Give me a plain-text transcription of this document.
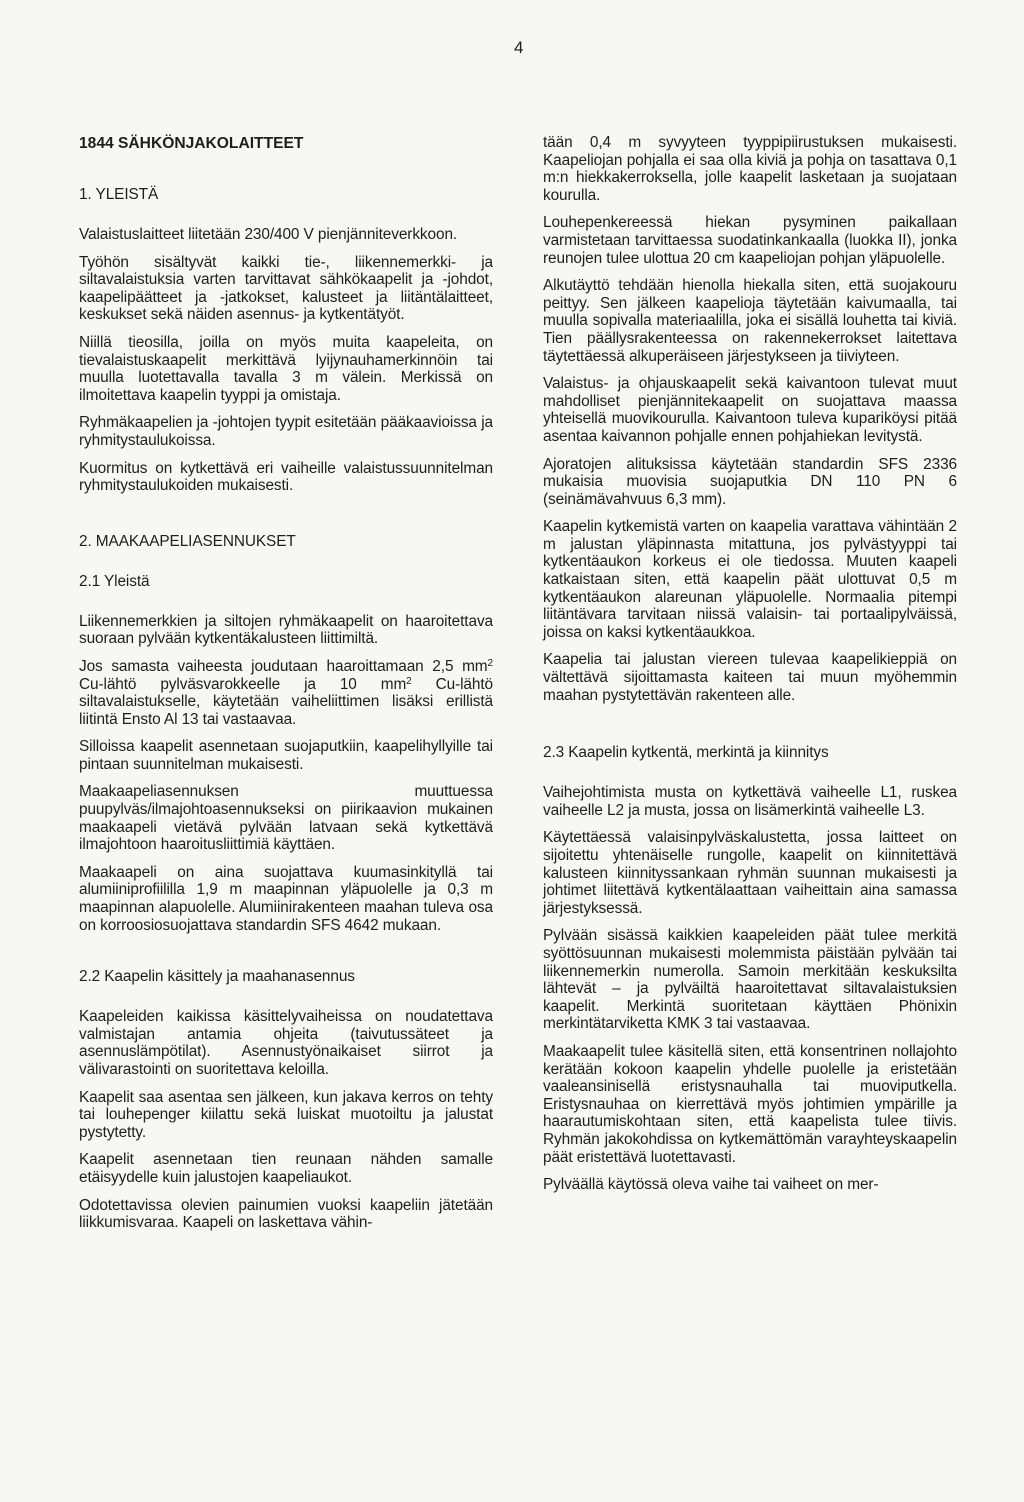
4
1844 SÄHKÖNJAKOLAITTEET
1. YLEISTÄ

Valaistuslaitteet liitetään 230/400 V pienjänniteverkkoon.

Työhön sisältyvät kaikki tie-, liikennemerkki- ja siltavalaistuksia varten tarvittavat sähkökaapelit ja -johdot, kaapelipäätteet ja -jatkokset, kalusteet ja liitäntälaitteet, keskukset sekä näiden asennus- ja kytkentätyöt.

Niillä tieosilla, joilla on myös muita kaapeleita, on tievalaistuskaapelit merkittävä lyijynauhamerkinnöin tai muulla luotettavalla tavalla 3 m välein. Merkissä on ilmoitettava kaapelin tyyppi ja omistaja.

Ryhmäkaapelien ja -johtojen tyypit esitetään pääkaavioissa ja ryhmitystaulukoissa.

Kuormitus on kytkettävä eri vaiheille valaistussuunnitelman ryhmitystaulukoiden mukaisesti.

2. MAAKAAPELIASENNUKSET
2.1 Yleistä

Liikennemerkkien ja siltojen ryhmäkaapelit on haaroitettava suoraan pylvään kytkentäkalusteen liittimiltä.

Jos samasta vaiheesta joudutaan haaroittamaan 2,5 $mm^2$ Cu-lähtö pylväsvarokkeelle ja 10 $mm^2$ Cu-lähtö siltavalaistukselle, käytetään vaiheliittimen lisäksi erillistä liitintä Ensto Al 13 tai vastaavaa.

Silloissa kaapelit asennetaan suojaputkiin, kaapelihyllyille tai pintaan suunnitelman mukaisesti.

Maakaapeliasennuksen muuttuessa puupylväs/ilmajohtoasennukseksi on piirikaavion mukainen maakaapeli vietävä pylvään latvaan sekä kytkettävä ilmajohtoon haaroitusliittimiä käyttäen.

Maakaapeli on aina suojattava kuumasinkityllä tai alumiiniprofiililla 1,9 m maapinnan yläpuolelle ja 0,3 m maapinnan alapuolelle. Alumiinirakenteen maahan tuleva osa on korroosiosuojattava standardin SFS 4642 mukaan.

2.2 Kaapelin käsittely ja maahanasennus

Kaapeleiden kaikissa käsittelyvaiheissa on noudatettava valmistajan antamia ohjeita (taivutussäteet ja asennuslämpötilat). Asennustyönaikaiset siirrot ja välivarastointi on suoritettava keloilla.

Kaapelit saa asentaa sen jälkeen, kun jakava kerros on tehty tai louhepenger kiilattu sekä luiskat muotoiltu ja jalustat pystytetty.

Kaapelit asennetaan tien reunaan nähden samalle etäisyydelle kuin jalustojen kaapeliaukot.

Odotettavissa olevien painumien vuoksi kaapeliin jätetään liikkumisvaraa. Kaapeli on laskettava vähin-

tään 0,4 m syvyyteen tyyppipiirustuksen mukaisesti. Kaapeliojan pohjalla ei saa olla kiviä ja pohja on tasattava 0,1 m:n hiekkakerroksella, jolle kaapelit lasketaan ja suojataan kourulla.

Louhepenkereessä hiekan pysyminen paikallaan varmistetaan tarvittaessa suodatinkankaalla (luokka II), jonka reunojen tulee ulottua 20 cm kaapeliojan pohjan yläpuolelle.

Alkutäyttö tehdään hienolla hiekalla siten, että suojakouru peittyy. Sen jälkeen kaapelioja täytetään kaivumaalla, tai muulla sopivalla materiaalilla, joka ei sisällä louhetta tai kiviä. Tien päällysrakenteessa on rakennekerrokset laitettava täytettäessä alkuperäiseen järjestykseen ja tiiviyteen.

Valaistus- ja ohjauskaapelit sekä kaivantoon tulevat muut mahdolliset pienjännitekaapelit on suojattava maassa yhteisellä muovikourulla. Kaivantoon tuleva kupariköysi pitää asentaa kaivannon pohjalle ennen pohjahiekan levitystä.

Ajoratojen alituksissa käytetään standardin SFS 2336 mukaisia muovisia suojaputkia DN 110 PN 6 (seinämävahvuus 6,3 mm).

Kaapelin kytkemistä varten on kaapelia varattava vähintään 2 m jalustan yläpinnasta mitattuna, jos pylvästyyppi tai kytkentäaukon korkeus ei ole tiedossa. Muuten kaapeli katkaistaan siten, että kaapelin päät ulottuvat 0,5 m kytkentäaukon alareunan yläpuolelle. Normaalia pitempi liitäntävara tarvitaan niissä valaisin- tai portaalipylväissä, joissa on kaksi kytkentäaukkoa.

Kaapelia tai jalustan viereen tulevaa kaapelikieppiä on vältettävä sijoittamasta kaiteen tai muun myöhemmin maahan pystytettävän rakenteen alle.

2.3 Kaapelin kytkentä, merkintä ja kiinnitys

Vaihejohtimista musta on kytkettävä vaiheelle L1, ruskea vaiheelle L2 ja musta, jossa on lisämerkintä vaiheelle L3.

Käytettäessä valaisinpylväskalustetta, jossa laitteet on sijoitettu yhtenäiselle rungolle, kaapelit on kiinnitettävä kalusteen kiinnityssankaan ryhmän suunnan mukaisesti ja johtimet liitettävä kytkentälaattaan vaiheittain aina samassa järjestyksessä.

Pylvään sisässä kaikkien kaapeleiden päät tulee merkitä syöttösuunnan mukaisesti molemmista päistään pylvään tai liikennemerkin numerolla. Samoin merkitään keskuksilta lähtevät – ja pylväiltä haaroitettavat siltavalaistuksien kaapelit. Merkintä suoritetaan käyttäen Phönixin merkintätarviketta KMK 3 tai vastaavaa.

Maakaapelit tulee käsitellä siten, että konsentrinen nollajohto kerätään kokoon kaapelin yhdelle puolelle ja eristetään vaaleansinisellä eristysnauhalla tai muoviputkella. Eristysnauhaa on kierrettävä myös johtimien ympärille ja haarautumiskohtaan siten, että kaapelista tulee tiivis. Ryhmän jakokohdissa on kytkemättömän varayhteyskaapelin päät eristettävä luotettavasti.

Pylväällä käytössä oleva vaihe tai vaiheet on mer-
